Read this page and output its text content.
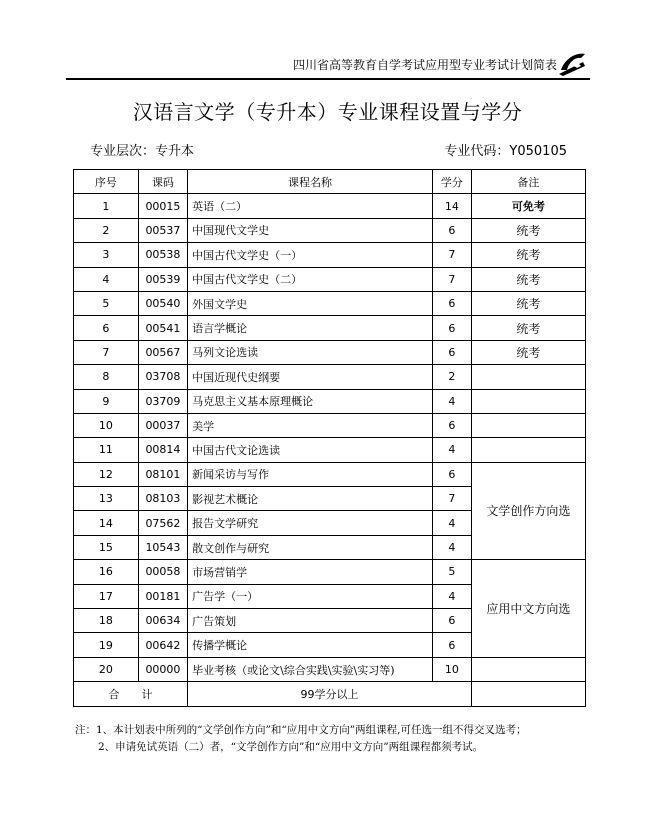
四川省高等教育自学考试应用型专业考试计划简表
汉语言文学（专升本）专业课程设置与学分
专业层次：专升本	专业代码：Y050105
序号	课码	课程名称	学分	备注
1	00015	英语（二）	14	可免考
2	00537	中国现代文学史	6	统考
3	00538	中国古代文学史（一）	7	统考
4	00539	中国古代文学史（二）	7	统考
5	00540	外国文学史	6	统考
6	00541	语言学概论	6	统考
7	00567	马列文论选读	6	统考
8	03708	中国近现代史纲要	2	
9	03709	马克思主义基本原理概论	4	
10	00037	美学	6	
11	00814	中国古代文论选读	4	
12	08101	新闻采访与写作	6	文学创作方向选
13	08103	影视艺术概论	7	
14	07562	报告文学研究	4	
15	10543	散文创作与研究	4	
16	00058	市场营销学	5	应用中文方向选
17	00181	广告学（一）	4	
18	00634	广告策划	6	
19	00642	传播学概论	6	
20	00000	毕业考核（或论文\综合实践\实验\实习等)	10	
合计		99学分以上		
注：1、本计划表中所列的“文学创作方向”和“应用中文方向”两组课程,可任选一组不得交叉选考；
2、申请免试英语（二）者，“文学创作方向”和“应用中文方向”两组课程都须考试。
